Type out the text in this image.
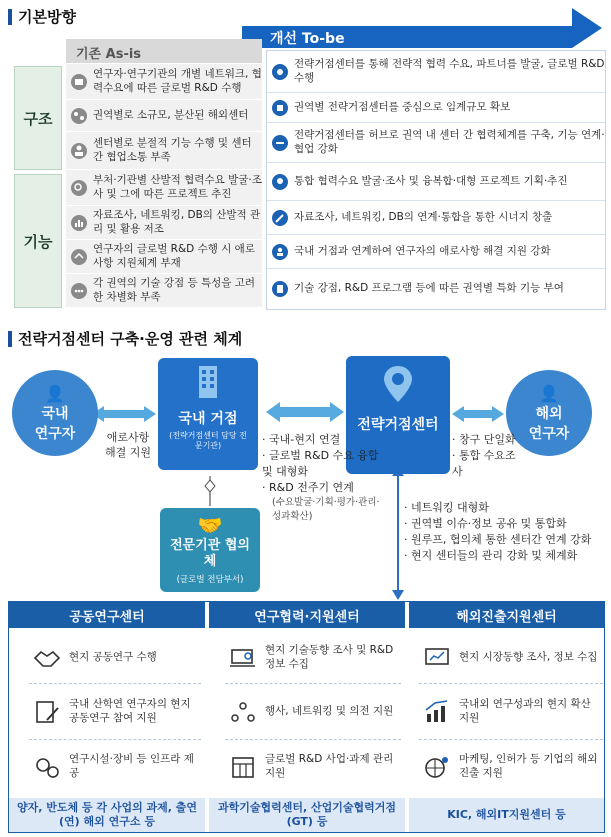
기본방향
개선 To-be
기존 As-is
구조
기능
연구자·연구기관의 개별 네트워크, 협력수요에 따른 글로벌 R&D 수행
권역별로 소규모, 분산된 해외센터
센터별로 분절적 기능 수행 및 센터 간 협업소통 부족
부처·기관별 산발적 협력수요 발굴·조사 및 그에 따른 프로젝트 추진
자료조사, 네트워킹, DB의 산발적 관리 및 활용 저조
연구자의 글로벌 R&D 수행 시 애로사항 지원체계 부재
각 권역의 기술 강점 등 특성을 고려한 차별화 부족
전략거점센터를 통해 전략적 협력 수요, 파트너를 발굴, 글로벌 R&D 수행
권역별 전략거점센터를 중심으로 임계규모 확보
전략거점센터를 허브로 권역 내 센터 간 협력체계를 구축, 기능 연계·협업 강화
통합 협력수요 발굴·조사 및 융복합·대형 프로젝트 기획·추진
자료조사, 네트워킹, DB의 연계·통합을 통한 시너지 창출
국내 거점과 연계하여 연구자의 애로사항 해결 지원 강화
기술 강점, R&D 프로그램 등에 따른 권역별 특화 기능 부여
전략거점센터 구축·운영 관련 체계
👤
국내
연구자
👤
해외
연구자
국내 거점
(전략거점센터 담당 전문기관)
전략거점센터
🤝
전문기관 협의체
(글로벌 전담부서)
애로사항 해결 지원
· 창구 단일화
· 통합 수요조사
· 국내-현지 연결
· 글로벌 R&D 수요 융합 및 대형화
· R&D 전주기 연계
(수요발굴·기획·평가·관리·성과확산)
· 네트워킹 대형화
· 권역별 이슈·정보 공유 및 통합화
· 원루프, 협의체 통한 센터간 연계 강화
· 현지 센터들의 관리 강화 및 체계화
공동연구센터	연구협력·지원센터	해외진출지원센터
현지 공동연구 수행
국내 산학연 연구자의 현지 공동연구 참여 지원
연구시설·장비 등 인프라 제공
현지 기술동향 조사 및 R&D 정보 수집
행사, 네트워킹 및 의전 지원
글로벌 R&D 사업·과제 관리 지원
현지 시장동향 조사, 정보 수집
국내외 연구성과의 현지 확산 지원
마케팅, 인허가 등 기업의 해외 진출 지원
양자, 반도체 등 각 사업의 과제, 출연(연) 해외 연구소 등
과학기술협력센터, 산업기술협력거점 (GT) 등
KIC, 해외IT지원센터 등
